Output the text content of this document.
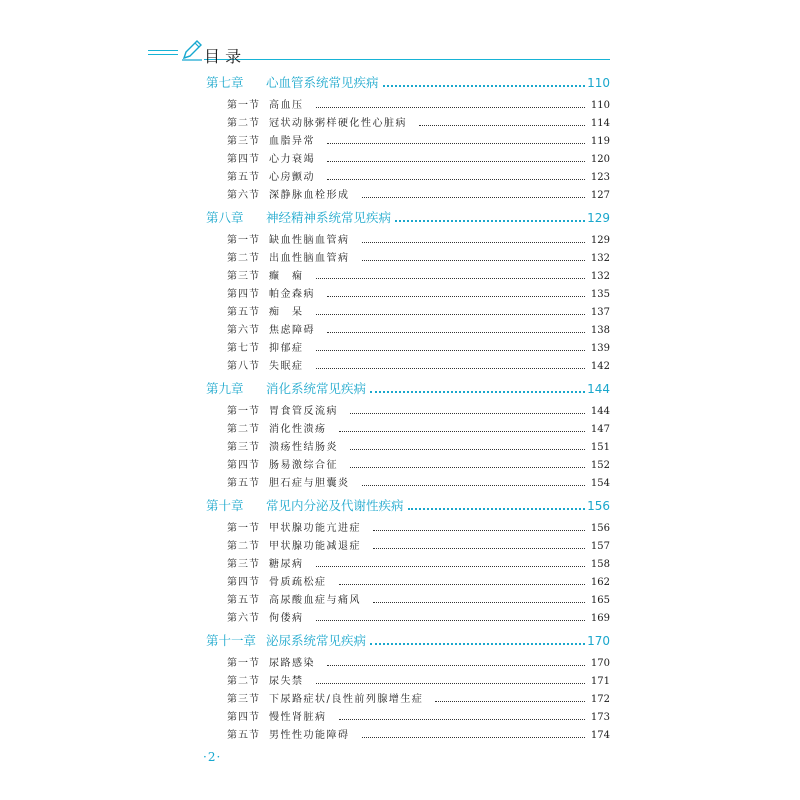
目 录
第七章	心血管系统常见疾病	110
第一节 高血压	110
第二节 冠状动脉粥样硬化性心脏病	114
第三节 血脂异常	119
第四节 心力衰竭	120
第五节 心房颤动	123
第六节 深静脉血栓形成	127
第八章	神经精神系统常见疾病	129
第一节 缺血性脑血管病	129
第二节 出血性脑血管病	132
第三节 癫　痫	132
第四节 帕金森病	135
第五节 痴　呆	137
第六节 焦虑障碍	138
第七节 抑郁症	139
第八节 失眠症	142
第九章	消化系统常见疾病	144
第一节 胃食管反流病	144
第二节 消化性溃疡	147
第三节 溃疡性结肠炎	151
第四节 肠易激综合征	152
第五节 胆石症与胆囊炎	154
第十章	常见内分泌及代谢性疾病	156
第一节 甲状腺功能亢进症	156
第二节 甲状腺功能减退症	157
第三节 糖尿病	158
第四节 骨质疏松症	162
第五节 高尿酸血症与痛风	165
第六节 佝偻病	169
第十一章 泌尿系统常见疾病	170
第一节 尿路感染	170
第二节 尿失禁	171
第三节 下尿路症状/良性前列腺增生症	172
第四节 慢性肾脏病	173
第五节 男性性功能障碍	174
·2·
